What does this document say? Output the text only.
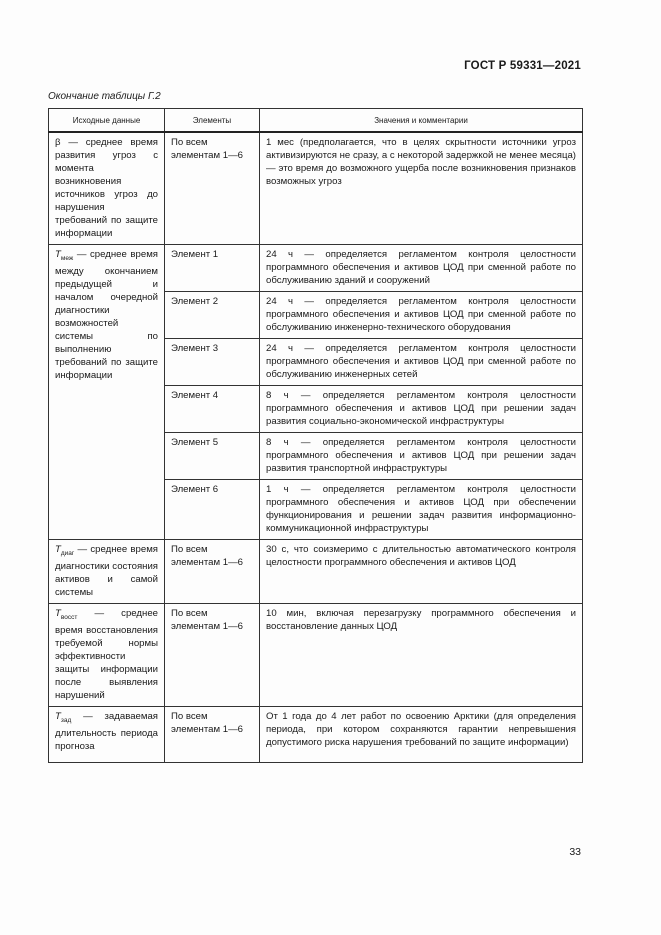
ГОСТ Р 59331—2021
Окончание таблицы Г.2
Исходные данные	Элементы	Значения и комментарии
β — среднее время развития угроз с момента возникновения источников угроз до нарушения требований по защите информации	По всем элементам 1—6	1 мес (предполагается, что в целях скрытности источники угроз активизируются не сразу, а с некоторой задержкой не менее месяца) — это время до возможного ущерба после возникновения признаков возможных угроз
$T_{меж}$ — среднее время между окончанием предыдущей и началом очередной диагностики возможностей системы по выполнению требований по защите информации	Элемент 1	24 ч — определяется регламентом контроля целостности программного обеспечения и активов ЦОД при сменной работе по обслуживанию зданий и сооружений
	Элемент 2	24 ч — определяется регламентом контроля целостности программного обеспечения и активов ЦОД при сменной работе по обслуживанию инженерно-технического оборудования
	Элемент 3	24 ч — определяется регламентом контроля целостности программного обеспечения и активов ЦОД при сменной работе по обслуживанию инженерных сетей
	Элемент 4	8 ч — определяется регламентом контроля целостности программного обеспечения и активов ЦОД при решении задач развития социально-экономической инфраструктуры
	Элемент 5	8 ч — определяется регламентом контроля целостности программного обеспечения и активов ЦОД при решении задач развития транспортной инфраструктуры
	Элемент 6	1 ч — определяется регламентом контроля целостности программного обеспечения и активов ЦОД при обеспечении функционирования и решении задач развития информационно-коммуникационной инфраструктуры
$T_{диаг}$ — среднее время диагностики состояния активов и самой системы	По всем элементам 1—6	30 с, что соизмеримо с длительностью автоматического контроля целостности программного обеспечения и активов ЦОД
$T_{восст}$ — среднее время восстановления требуемой нормы эффективности защиты информации после выявления нарушений	По всем элементам 1—6	10 мин, включая перезагрузку программного обеспечения и восстановление данных ЦОД
$T_{зад}$ — задаваемая длительность периода прогноза	По всем элементам 1—6	От 1 года до 4 лет работ по освоению Арктики (для определения периода, при котором сохраняются гарантии непревышения допустимого риска нарушения требований по защите информации)
33
